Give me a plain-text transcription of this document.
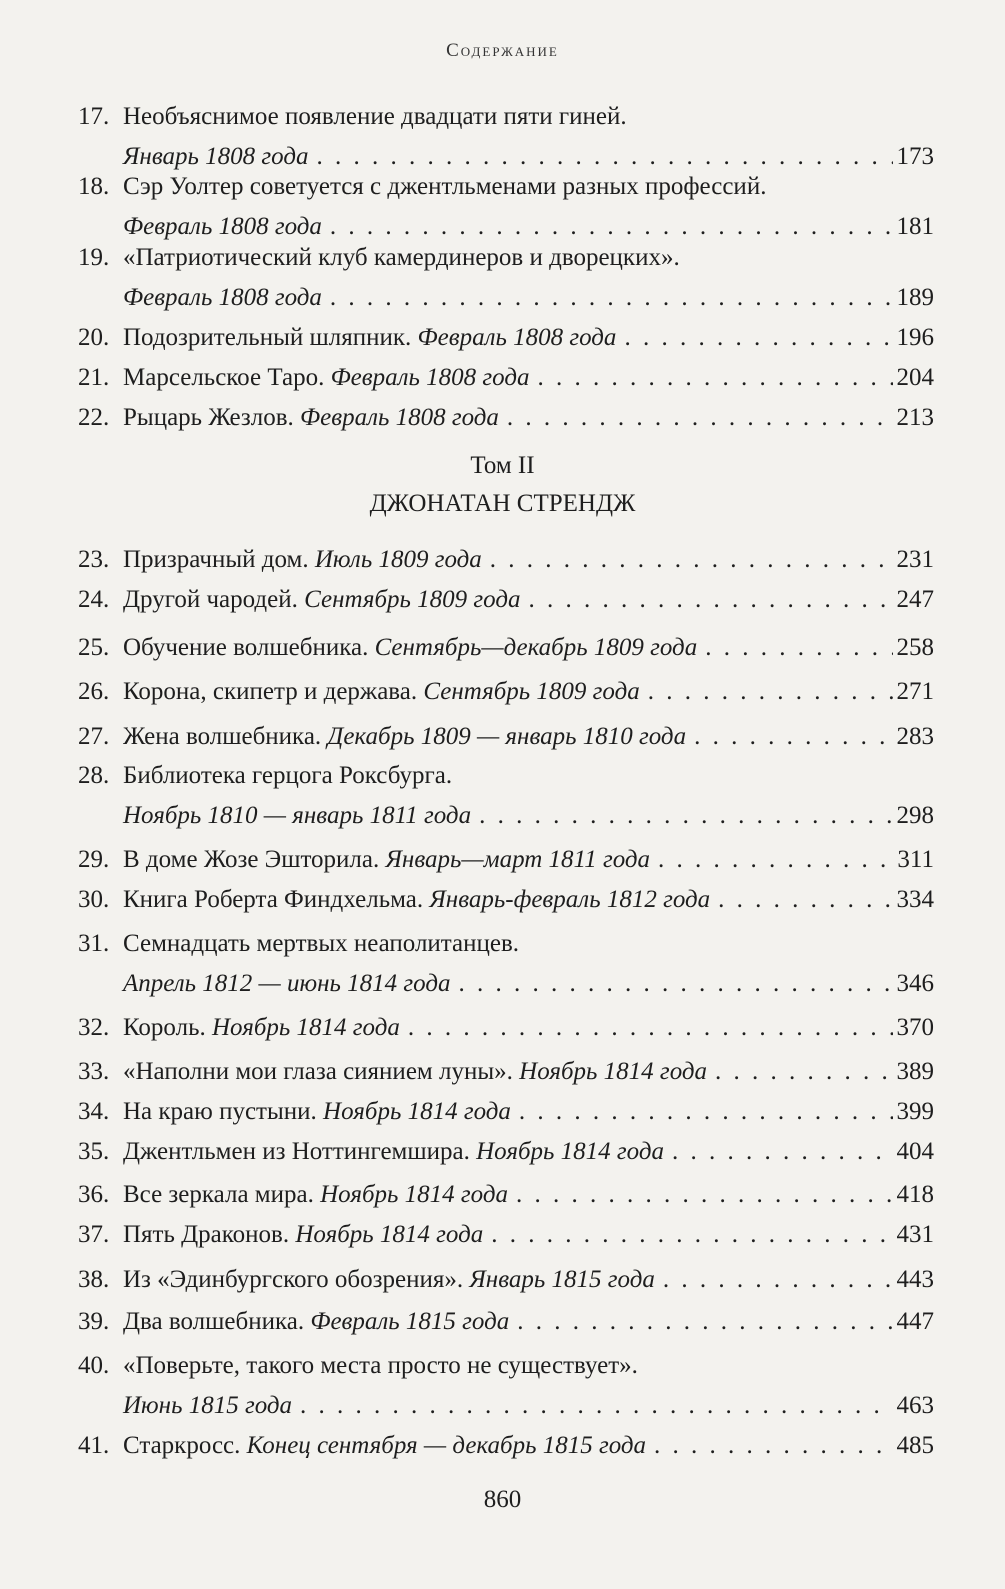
Содержание
17. Необъяснимое появление двадцати пяти гиней.
Январь 1808 года . . .	173
18. Сэр Уолтер советуется с джентльменами разных профессий.
Февраль 1808 года . . .	181
19. «Патриотический клуб камердинеров и дворецких».
Февраль 1808 года . . .	189
20. Подозрительный шляпник.
Февраль 1808 года . . .	196
21. Марсельское Таро.
Февраль 1808 года . . .	204
22. Рыцарь Жезлов.
Февраль 1808 года . . .	213
23. Призрачный дом.
Июль 1809 года . . .	231
24. Другой чародей.
Сентябрь 1809 года . . .	247
25. Обучение волшебника.
Сентябрь—декабрь 1809 года . . .	258
26. Корона, скипетр и держава.
Сентябрь 1809 года . . .	271
27. Жена волшебника.
Декабрь 1809 — январь 1810 года . . .	283
28. Библиотека герцога Роксбурга.
Ноябрь 1810 — январь 1811 года . . .	298
29. В доме Жозе Эшторила.
Январь—март 1811 года . . .	311
30. Книга Роберта Финдхельма.
Январь-февраль 1812 года . . .	334
31. Семнадцать мертвых неаполитанцев.
Апрель 1812 — июнь 1814 года . . .	346
32. Король.
Ноябрь 1814 года . . .	370
33. «Наполни мои глаза сиянием луны».
Ноябрь 1814 года . . .	389
34. На краю пустыни.
Ноябрь 1814 года . . .	399
35. Джентльмен из Ноттингемшира.
Ноябрь 1814 года . . .	404
36. Все зеркала мира.
Ноябрь 1814 года . . .	418
37. Пять Драконов.
Ноябрь 1814 года . . .	431
38. Из «Эдинбургского обозрения».
Январь 1815 года . . .	443
39. Два волшебника.
Февраль 1815 года . . .	447
40. «Поверьте, такого места просто не существует».
Июнь 1815 года . . .	463
41. Старкросс.
Конец сентября — декабрь 1815 года . . .	485
Том II
ДЖОНАТАН СТРЕНДЖ
860
